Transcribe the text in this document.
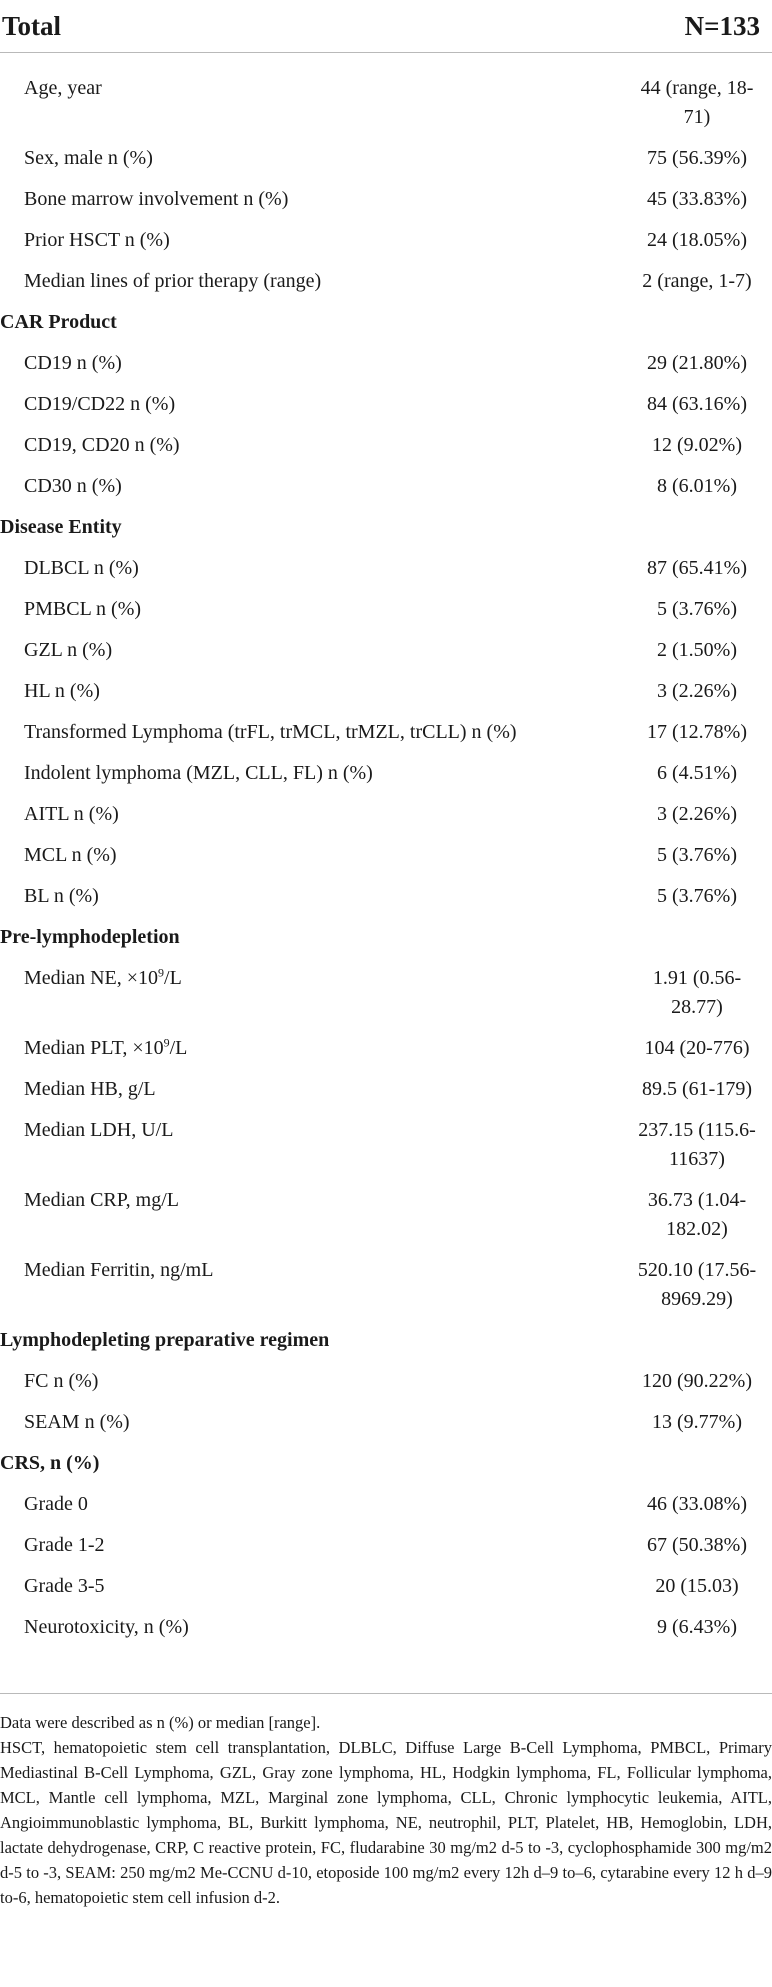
Total	N=133
Age, year	44 (range, 18-71)
Sex, male n (%)	75 (56.39%)
Bone marrow involvement n (%)	45 (33.83%)
Prior HSCT n (%)	24 (18.05%)
Median lines of prior therapy (range)	2 (range, 1-7)
CAR Product
CD19 n (%)	29 (21.80%)
CD19/CD22 n (%)	84 (63.16%)
CD19, CD20 n (%)	12 (9.02%)
CD30 n (%)	8 (6.01%)
Disease Entity
DLBCL n (%)	87 (65.41%)
PMBCL n (%)	5 (3.76%)
GZL n (%)	2 (1.50%)
HL n (%)	3 (2.26%)
Transformed Lymphoma (trFL, trMCL, trMZL, trCLL) n (%)	17 (12.78%)
Indolent lymphoma (MZL, CLL, FL) n (%)	6 (4.51%)
AITL n (%)	3 (2.26%)
MCL n (%)	5 (3.76%)
BL n (%)	5 (3.76%)
Pre-lymphodepletion
Median NE, $\times 10^9/L$	1.91 (0.56-28.77)
Median PLT, $\times 10^9/L$	104 (20-776)
Median HB, g/L	89.5 (61-179)
Median LDH, U/L	237.15 (115.6-11637)
Median CRP, mg/L	36.73 (1.04-182.02)
Median Ferritin, ng/mL	520.10 (17.56-8969.29)
Lymphodepleting preparative regimen
FC n (%)	120 (90.22%)
SEAM n (%)	13 (9.77%)
CRS, n (%)
Grade 0	46 (33.08%)
Grade 1-2	67 (50.38%)
Grade 3-5	20 (15.03)
Neurotoxicity, n (%)	9 (6.43%)

Data were described as n (%) or median [range].

HSCT, hematopoietic stem cell transplantation, DLBLC, Diffuse Large B-Cell Lymphoma, PMBCL, Primary Mediastinal B-Cell Lymphoma, GZL, Gray zone lymphoma, HL, Hodgkin lymphoma, FL, Follicular lymphoma, MCL, Mantle cell lymphoma, MZL, Marginal zone lymphoma, CLL, Chronic lymphocytic leukemia, AITL, Angioimmunoblastic lymphoma, BL, Burkitt lymphoma, NE, neutrophil, PLT, Platelet, HB, Hemoglobin, LDH, lactate dehydrogenase, CRP, C reactive protein, FC, fludarabine 30 mg/m2 d-5 to -3, cyclophosphamide 300 mg/m2 d-5 to -3, SEAM: 250 mg/m2 Me-CCNU d-10, etoposide 100 mg/m2 every 12h d–9 to–6, cytarabine every 12 h d–9 to-6, hematopoietic stem cell infusion d-2.
